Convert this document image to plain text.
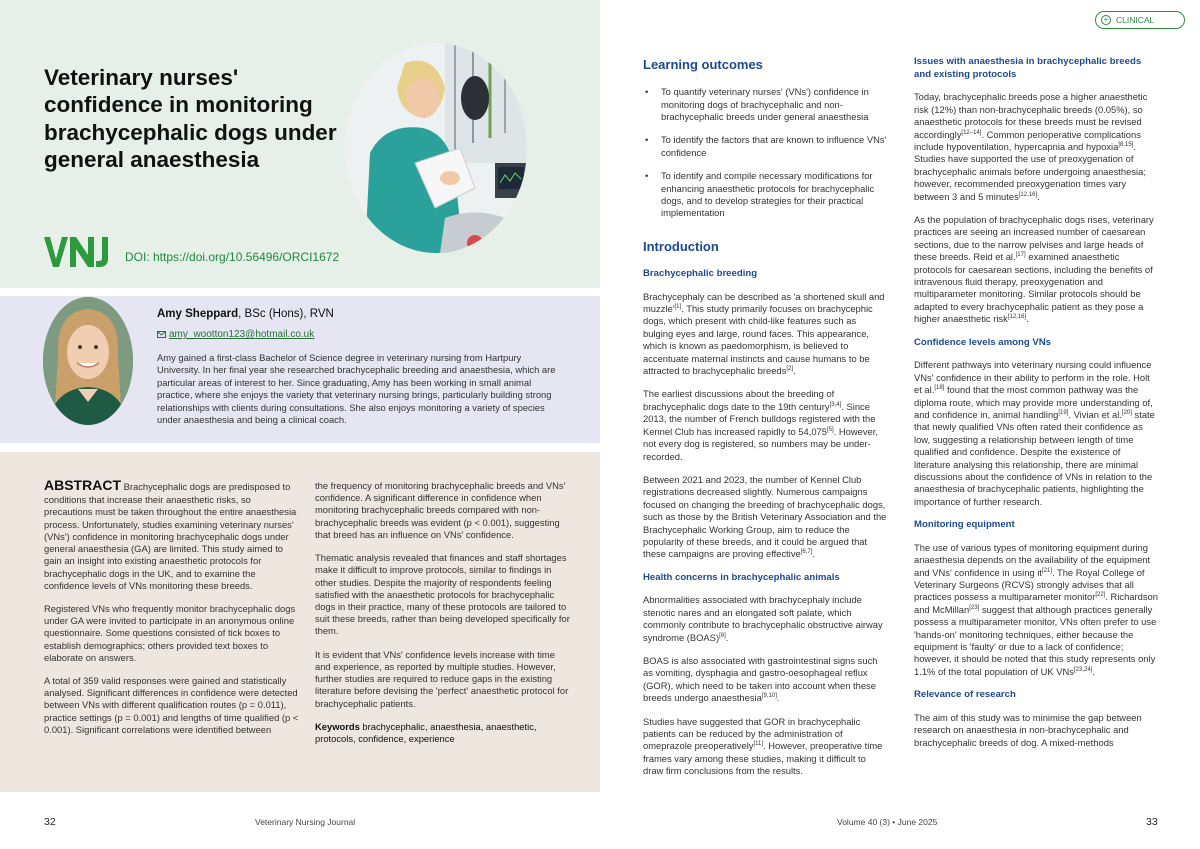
Veterinary nurses' confidence in monitoring brachycephalic dogs under general anaesthesia
DOI: https://doi.org/10.56496/ORCI1672
Amy Sheppard, BSc (Hons), RVN
amy_wootton123@hotmail.co.uk

Amy gained a first-class Bachelor of Science degree in veterinary nursing from Hartpury University. In her final year she researched brachycephalic breeding and anaesthesia, which are particular areas of interest to her. Since graduating, Amy has been working in small animal practice, where she enjoys the variety that veterinary nursing brings, particularly building strong relationships with clients during consultations. She also enjoys monitoring a variety of species under anaesthesia and being a clinical coach.

ABSTRACT Brachycephalic dogs are predisposed to conditions that increase their anaesthetic risks, so precautions must be taken throughout the entire anaesthesia process. Unfortunately, studies examining veterinary nurses' (VNs') confidence in monitoring brachycephalic dogs under general anaesthesia (GA) are limited. This study aimed to gain an insight into existing anaesthetic protocols for brachycephalic dogs in the UK, and to examine the confidence levels of VNs monitoring these breeds.

Registered VNs who frequently monitor brachycephalic dogs under GA were invited to participate in an anonymous online questionnaire. Some questions consisted of tick boxes to establish demographics; others provided text boxes to elaborate on answers.

A total of 359 valid responses were gained and statistically analysed. Significant differences in confidence were detected between VNs with different qualification routes (p = 0.011), practice settings (p = 0.001) and lengths of time qualified (p < 0.001). Significant correlations were identified between

the frequency of monitoring brachycephalic breeds and VNs' confidence. A significant difference in confidence when monitoring brachycephalic breeds compared with non-brachycephalic breeds was evident (p < 0.001), suggesting that breed has an influence on VNs' confidence.

Thematic analysis revealed that finances and staff shortages make it difficult to improve protocols, similar to findings in other studies. Despite the majority of respondents feeling satisfied with the anaesthetic protocols for brachycephalic dogs in their practice, many of these protocols are tailored to suit these breeds, rather than being developed specifically for them.

It is evident that VNs' confidence levels increase with time and experience, as reported by multiple studies. However, further studies are required to reduce gaps in the existing literature before devising the 'perfect' anaesthetic protocol for brachycephalic patients.

Keywords brachycephalic, anaesthesia, anaesthetic, protocols, confidence, experience

32	Veterinary Nursing Journal
+ CLINICAL
Learning outcomes
• To quantify veterinary nurses' (VNs') confidence in monitoring dogs of brachycephalic and non-brachycephalic breeds under general anaesthesia
• To identify the factors that are known to influence VNs' confidence
• To identify and compile necessary modifications for enhancing anaesthetic protocols for brachycephalic dogs, and to develop strategies for their practical implementation
Introduction
Brachycephalic breeding

Brachycephaly can be described as 'a shortened skull and muzzle'[1]. This study primarily focuses on brachycephic dogs, which present with child-like features such as bulging eyes and large, round faces. This appearance, which is known as paedomorphism, is believed to accentuate maternal instincts and cause humans to be attracted to brachycephalic breeds[2].

The earliest discussions about the breeding of brachycephalic dogs date to the 19th century[3,4]. Since 2013, the number of French bulldogs registered with the Kennel Club has increased rapidly to 54,075[5]. However, not every dog is registered, so numbers may be under-recorded.

Between 2021 and 2023, the number of Kennel Club registrations decreased slightly. Numerous campaigns focused on changing the breeding of brachycephalic dogs, such as those by the British Veterinary Association and the Brachycephalic Working Group, aim to reduce the popularity of these breeds, and it could be argued that these campaigns are proving effective[6,7].

Health concerns in brachycephalic animals

Abnormalities associated with brachycephaly include stenotic nares and an elongated soft palate, which commonly contribute to brachycephalic obstructive airway syndrome (BOAS)[8].

BOAS is also associated with gastrointestinal signs such as vomiting, dysphagia and gastro-oesophageal reflux (GOR), which need to be taken into account when these breeds undergo anaesthesia[9,10].

Studies have suggested that GOR in brachycephalic patients can be reduced by the administration of omeprazole preoperatively[11]. However, preoperative time frames vary among these studies, making it difficult to draw firm conclusions from the results.

Issues with anaesthesia in brachycephalic breeds and existing protocols

Today, brachycephalic breeds pose a higher anaesthetic risk (12%) than non-brachycephalic breeds (0.05%), so anaesthetic protocols for these breeds must be revised accordingly[12–14]. Common perioperative complications include hypoventilation, hypercapnia and hypoxia[8,15]. Studies have supported the use of preoxygenation of brachycephalic animals before undergoing anaesthesia; however, recommended preoxygenation times vary between 3 and 5 minutes[12,16].

As the population of brachycephalic dogs rises, veterinary practices are seeing an increased number of caesarean sections, due to the narrow pelvises and large heads of these breeds. Reid et al.[17] examined anaesthetic protocols for caesarean sections, including the benefits of intravenous fluid therapy, preoxygenation and multiparameter monitoring. Similar protocols should be adapted to every brachycephalic patient as they pose a higher anaesthetic risk[12,16].

Confidence levels among VNs

Different pathways into veterinary nursing could influence VNs' confidence in their ability to perform in the role. Holt et al.[18] found that the most common pathway was the diploma route, which may provide more understanding of, and confidence in, animal handling[19]. Vivian et al.[20] state that newly qualified VNs often rated their confidence as low, suggesting a relationship between length of time qualified and confidence. Despite the existence of literature analysing this relationship, there are minimal discussions about the confidence of VNs in relation to the anaesthesia of brachycephalic patients, highlighting the importance of further research.

Monitoring equipment

The use of various types of monitoring equipment during anaesthesia depends on the availability of the equipment and VNs' confidence in using it[21]. The Royal College of Veterinary Surgeons (RCVS) strongly advises that all practices possess a multiparameter monitor[22]. Richardson and McMillan[23] suggest that although practices generally possess a multiparameter monitor, VNs often prefer to use 'hands-on' monitoring techniques, either because the equipment is 'faulty' or due to a lack of confidence; however, it should be noted that this study represents only 1.1% of the total population of UK VNs[23,24].

Relevance of research

The aim of this study was to minimise the gap between research on anaesthesia in non-brachycephalic and brachycephalic breeds of dog. A mixed-methods

Volume 40 (3) • June 2025	33
